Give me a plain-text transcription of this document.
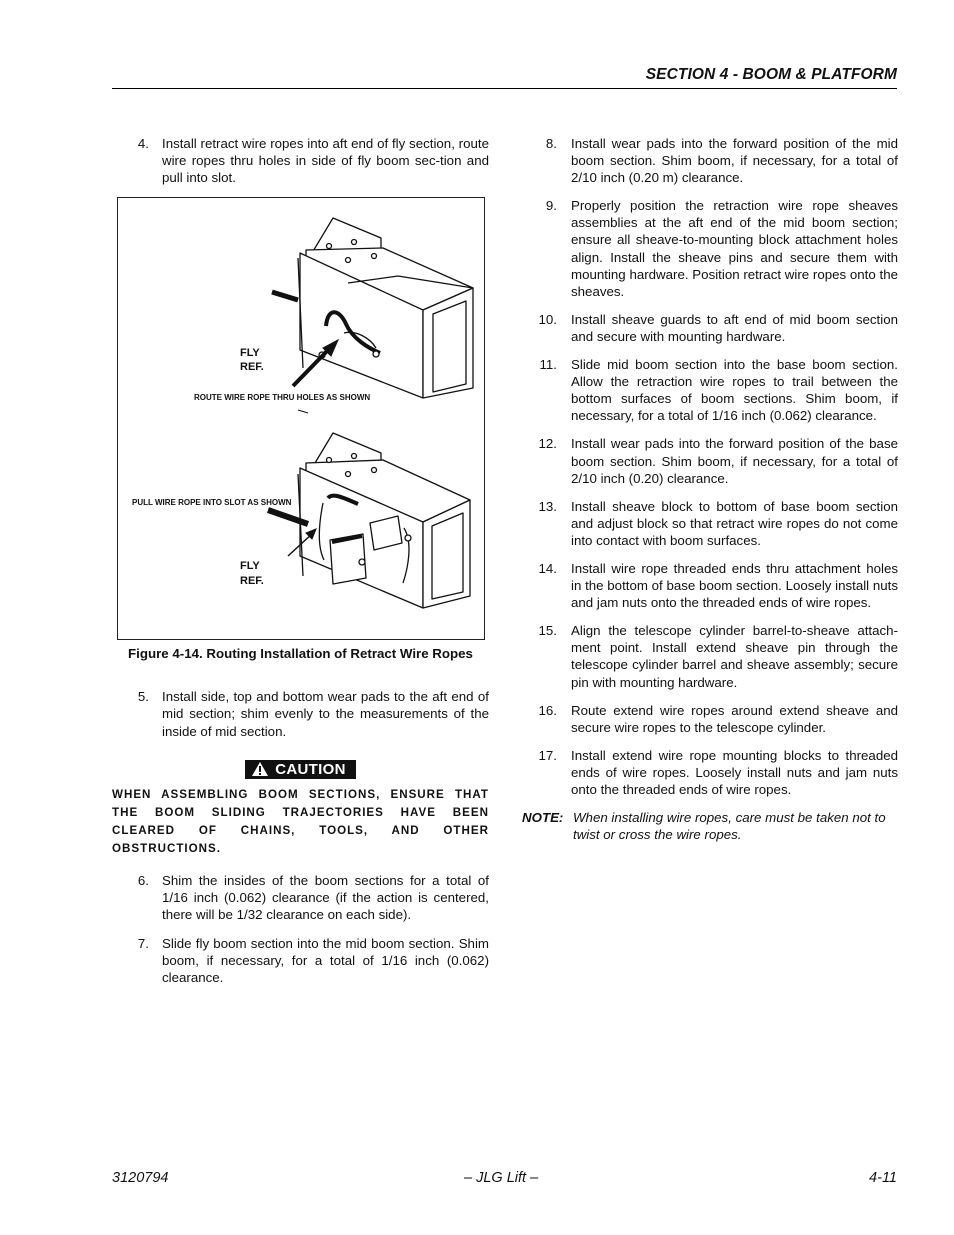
SECTION 4 - BOOM & PLATFORM
4. Install retract wire ropes into aft end of fly section, route wire ropes thru holes in side of fly boom sec-tion and pull into slot.
FLY
REF.
ROUTE WIRE ROPE THRU HOLES AS SHOWN
PULL WIRE ROPE INTO SLOT AS SHOWN
FLY
REF.
Figure 4-14. Routing Installation of Retract Wire Ropes
5. Install side, top and bottom wear pads to the aft end of mid section; shim evenly to the measurements of the inside of mid section.
CAUTION
WHEN ASSEMBLING BOOM SECTIONS, ENSURE THAT THE BOOM SLIDING TRAJECTORIES HAVE BEEN CLEARED OF CHAINS, TOOLS, AND OTHER OBSTRUCTIONS.
6. Shim the insides of the boom sections for a total of 1/16 inch (0.062) clearance (if the action is centered, there will be 1/32 clearance on each side).
7. Slide fly boom section into the mid boom section. Shim boom, if necessary, for a total of 1/16 inch (0.062) clearance.
8.	Install wear pads into the forward position of the mid boom section. Shim boom, if necessary, for a total of 2/10 inch (0.20 m) clearance.
9.	Properly position the retraction wire rope sheaves assemblies at the aft end of the mid boom section; ensure all sheave-to-mounting block attachment holes align. Install the sheave pins and secure them with mounting hardware. Position retract wire ropes onto the sheaves.
10.	Install sheave guards to aft end of mid boom section and secure with mounting hardware.
11.	Slide mid boom section into the base boom section. Allow the retraction wire ropes to trail between the bottom surfaces of boom sections. Shim boom, if necessary, for a total of 1/16 inch (0.062) clearance.
12.	Install wear pads into the forward position of the base boom section. Shim boom, if necessary, for a total of 2/10 inch (0.20) clearance.
13.	Install sheave block to bottom of base boom section and adjust block so that retract wire ropes do not come into contact with boom surfaces.
14.	Install wire rope threaded ends thru attachment holes in the bottom of base boom section. Loosely install nuts and jam nuts onto the threaded ends of wire ropes.
15.	Align the telescope cylinder barrel-to-sheave attach-ment point. Install extend sheave pin through the telescope cylinder barrel and sheave assembly; secure pin with mounting hardware.
16.	Route extend wire ropes around extend sheave and secure wire ropes to the telescope cylinder.
17.	Install extend wire rope mounting blocks to threaded ends of wire ropes. Loosely install nuts and jam nuts onto the threaded ends of wire ropes.
NOTE: When installing wire ropes, care must be taken not to twist or cross the wire ropes.
3120794	– JLG Lift –	4-11
